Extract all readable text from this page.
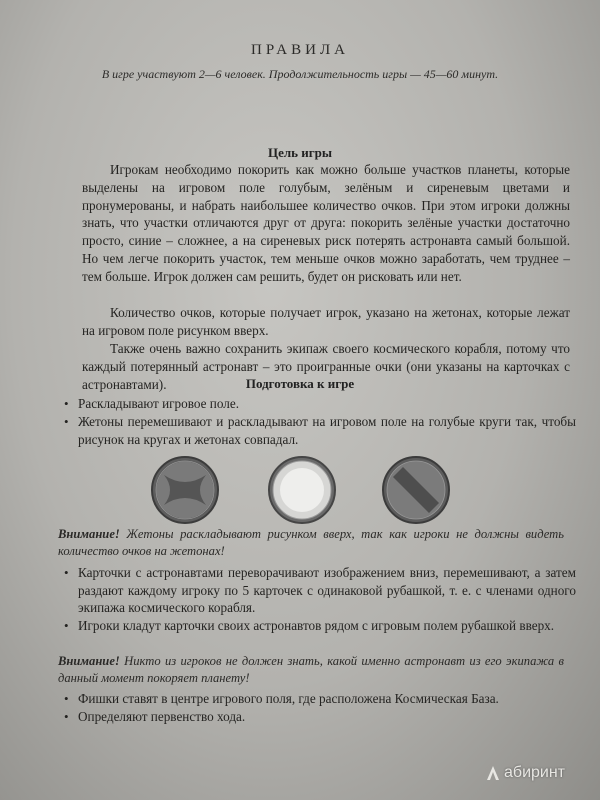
ПРАВИЛА
В игре участвуют 2—6 человек. Продолжительность игры — 45—60 минут.
Цель игры

Игрокам необходимо покорить как можно больше участков планеты, которые выделены на игровом поле голубым, зелёным и сиреневым цветами и пронумерованы, и набрать наибольшее количество очков. При этом игроки должны знать, что участки отличаются друг от друга: покорить зелёные участки достаточно просто, синие – сложнее, а на сиреневых риск потерять астронавта самый большой. Но чем легче покорить участок, тем меньше очков можно заработать, чем труднее – тем больше. Игрок должен сам решить, будет он рисковать или нет.

Количество очков, которые получает игрок, указано на жетонах, которые лежат на игровом поле рисунком вверх.

Также очень важно сохранить экипаж своего космического корабля, потому что каждый потерянный астронавт – это проигранные очки (они указаны на карточках с астронавтами).	Подготовка к игре
• Раскладывают игровое поле.
• Жетоны перемешивают и раскладывают на игровом поле на голубые круги так, чтобы рисунок на кругах и жетонах совпадал.

Внимание! Жетоны раскладывают рисунком вверх, так как игроки не должны видеть количество очков на жетонах!

• Карточки с астронавтами переворачивают изображением вниз, перемешивают, а затем раздают каждому игроку по 5 карточек с одинаковой рубашкой, т. е. с членами одного экипажа космического корабля.
• Игроки кладут карточки своих астронавтов рядом с игровым полем рубашкой вверх.

Внимание! Никто из игроков не должен знать, какой именно астронавт из его экипажа в данный момент покоряет планету!

• Фишки ставят в центре игрового поля, где расположена Космическая База.
• Определяют первенство хода.
абиринт
